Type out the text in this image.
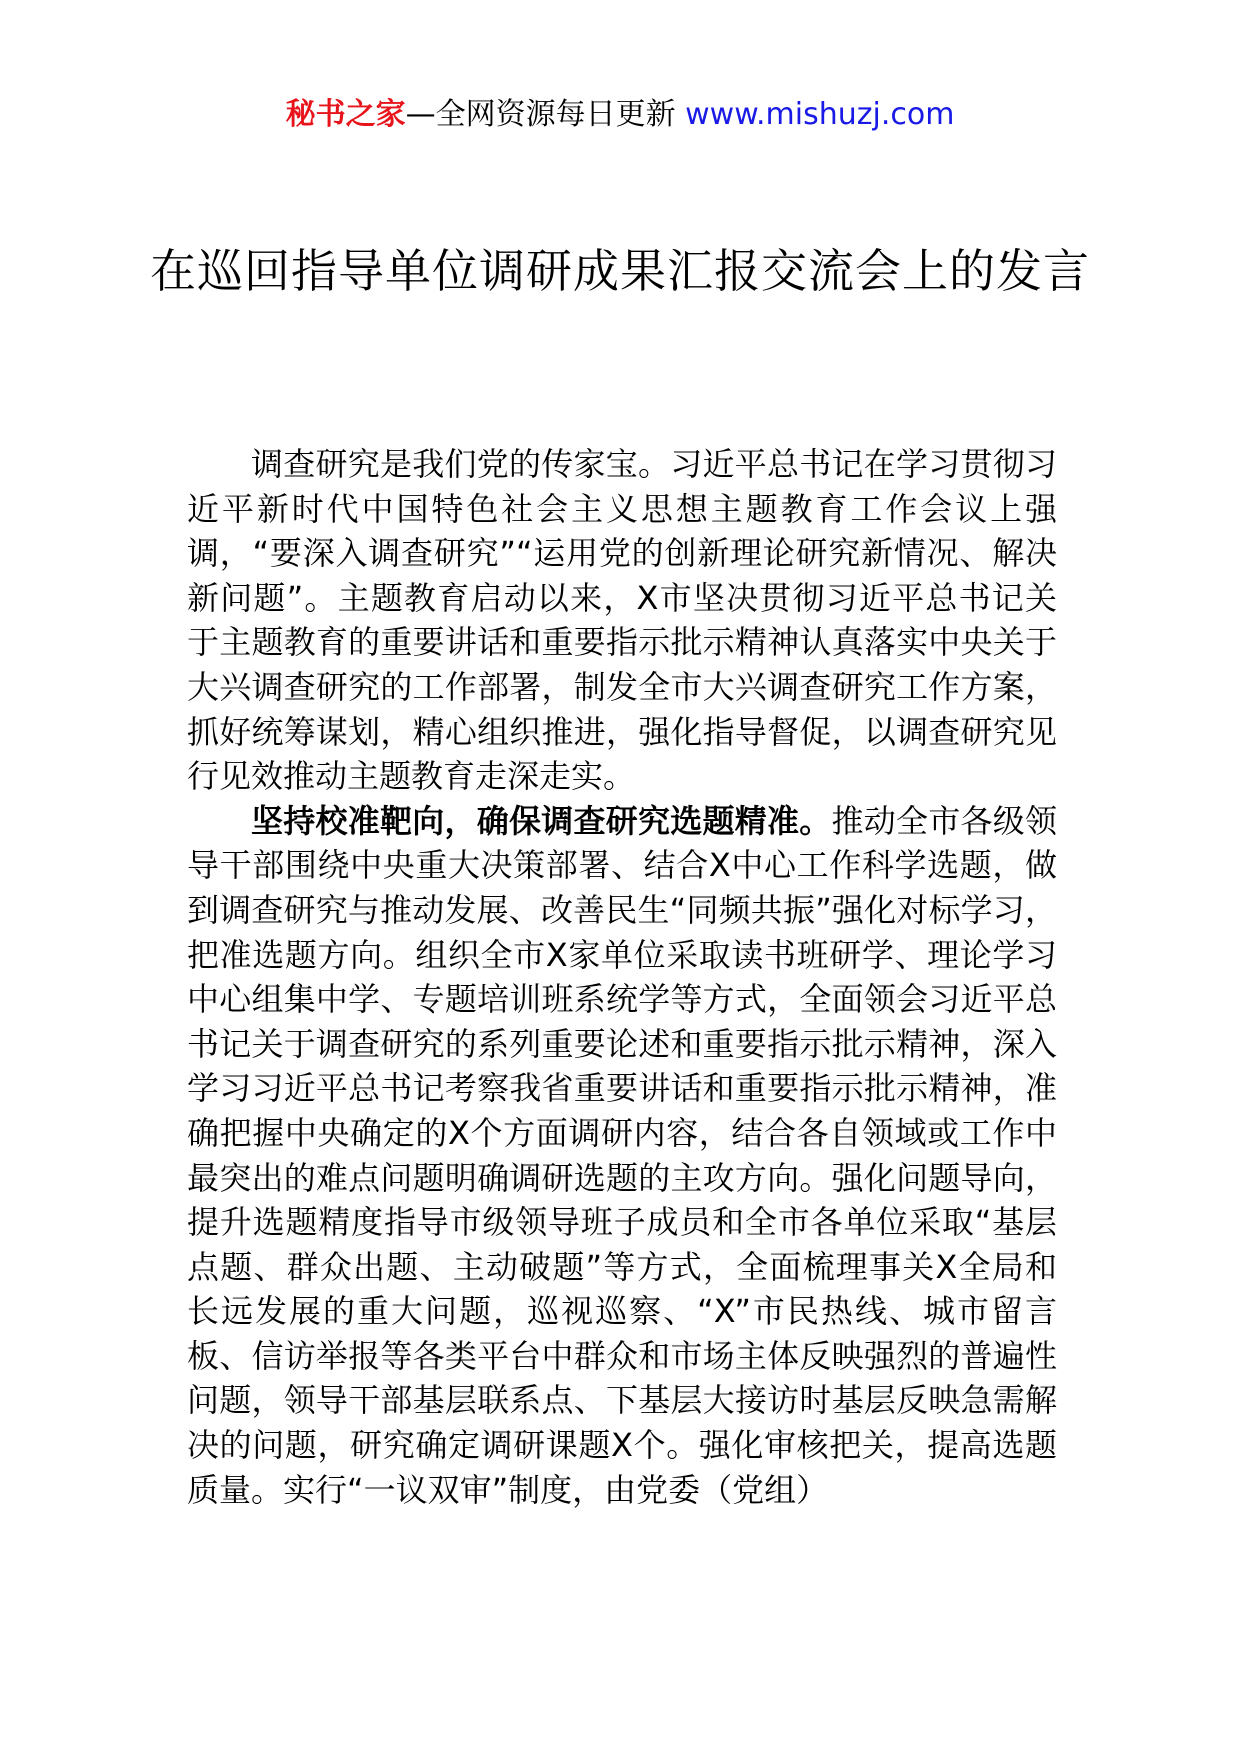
秘书之家—全网资源每日更新 www.mishuzj.com
在巡回指导单位调研成果汇报交流会上的发言

调查研究是我们党的传家宝。习近平总书记在学习贯彻习近平新时代中国特色社会主义思想主题教育工作会议上强调，“要深入调查研究”“运用党的创新理论研究新情况、解决新问题”。主题教育启动以来，X市坚决贯彻习近平总书记关于主题教育的重要讲话和重要指示批示精神认真落实中央关于大兴调查研究的工作部署，制发全市大兴调查研究工作方案，抓好统筹谋划，精心组织推进，强化指导督促，以调查研究见行见效推动主题教育走深走实。

坚持校准靶向，确保调查研究选题精准。推动全市各级领导干部围绕中央重大决策部署、结合X中心工作科学选题，做到调查研究与推动发展、改善民生“同频共振”强化对标学习，把准选题方向。组织全市X家单位采取读书班研学、理论学习中心组集中学、专题培训班系统学等方式，全面领会习近平总书记关于调查研究的系列重要论述和重要指示批示精神，深入学习习近平总书记考察我省重要讲话和重要指示批示精神，准确把握中央确定的X个方面调研内容，结合各自领域或工作中最突出的难点问题明确调研选题的主攻方向。强化问题导向，提升选题精度指导市级领导班子成员和全市各单位采取“基层点题、群众出题、主动破题”等方式，全面梳理事关X全局和长远发展的重大问题，巡视巡察、“X”市民热线、城市留言板、信访举报等各类平台中群众和市场主体反映强烈的普遍性问题，领导干部基层联系点、下基层大接访时基层反映急需解决的问题，研究确定调研课题X个。强化审核把关，提高选题质量。实行“一议双审”制度，由党委（党组）
